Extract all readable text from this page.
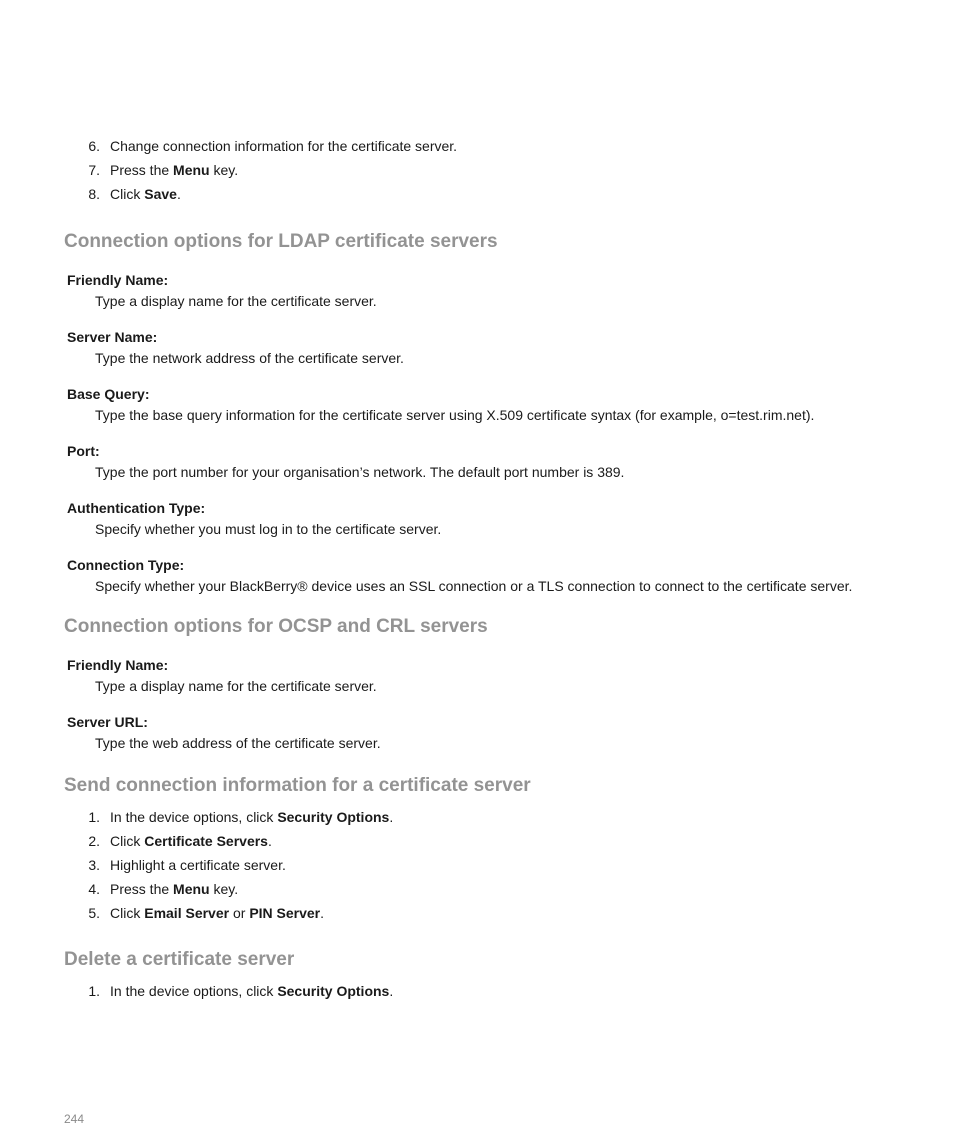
6. Change connection information for the certificate server.
7. Press the Menu key.
8. Click Save.
Connection options for LDAP certificate servers
Friendly Name:
Type a display name for the certificate server.
Server Name:
Type the network address of the certificate server.
Base Query:
Type the base query information for the certificate server using X.509 certificate syntax (for example, o=test.rim.net).
Port:
Type the port number for your organisation’s network. The default port number is 389.
Authentication Type:
Specify whether you must log in to the certificate server.
Connection Type:
Specify whether your BlackBerry® device uses an SSL connection or a TLS connection to connect to the certificate server.
Connection options for OCSP and CRL servers
Friendly Name:
Type a display name for the certificate server.
Server URL:
Type the web address of the certificate server.
Send connection information for a certificate server
1. In the device options, click Security Options.
2. Click Certificate Servers.
3. Highlight a certificate server.
4. Press the Menu key.
5. Click Email Server or PIN Server.
Delete a certificate server
1. In the device options, click Security Options.
244
